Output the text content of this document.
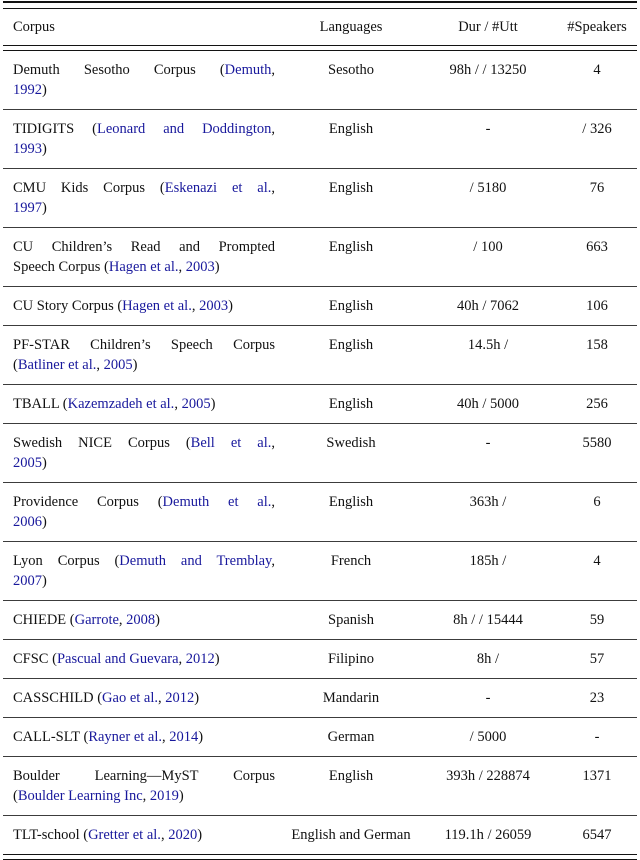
Corpus	Languages	Dur / #Utt	#Speakers
Demuth Sesotho Corpus (Demuth,
1992)
Sesotho	98h / / 13250	4
TIDIGITS (Leonard and Doddington,
1993)
English	-	/ 326
CMU Kids Corpus (Eskenazi et al.,
1997)
English	/ 5180	76
CU Children’s Read and Prompted
Speech Corpus (Hagen et al., 2003)
English	/ 100	663
CU Story Corpus (Hagen et al., 2003)	English	40h / 7062	106
PF-STAR Children’s Speech Corpus
(Batliner et al., 2005)
English	14.5h /	158
TBALL (Kazemzadeh et al., 2005)	English	40h / 5000	256
Swedish NICE Corpus (Bell et al.,
2005)
Swedish	-	5580
Providence Corpus (Demuth et al.,
2006)
English	363h /	6
Lyon Corpus (Demuth and Tremblay,
2007)
French	185h /	4
CHIEDE (Garrote, 2008)	Spanish	8h / / 15444	59
CFSC (Pascual and Guevara, 2012)	Filipino	8h /	57
CASSCHILD (Gao et al., 2012)	Mandarin	-	23
CALL-SLT (Rayner et al., 2014)	German	/ 5000	-
Boulder Learning—MyST Corpus
(Boulder Learning Inc, 2019)
English	393h / 228874	1371
TLT-school (Gretter et al., 2020)	English and German	119.1h / 26059	6547
